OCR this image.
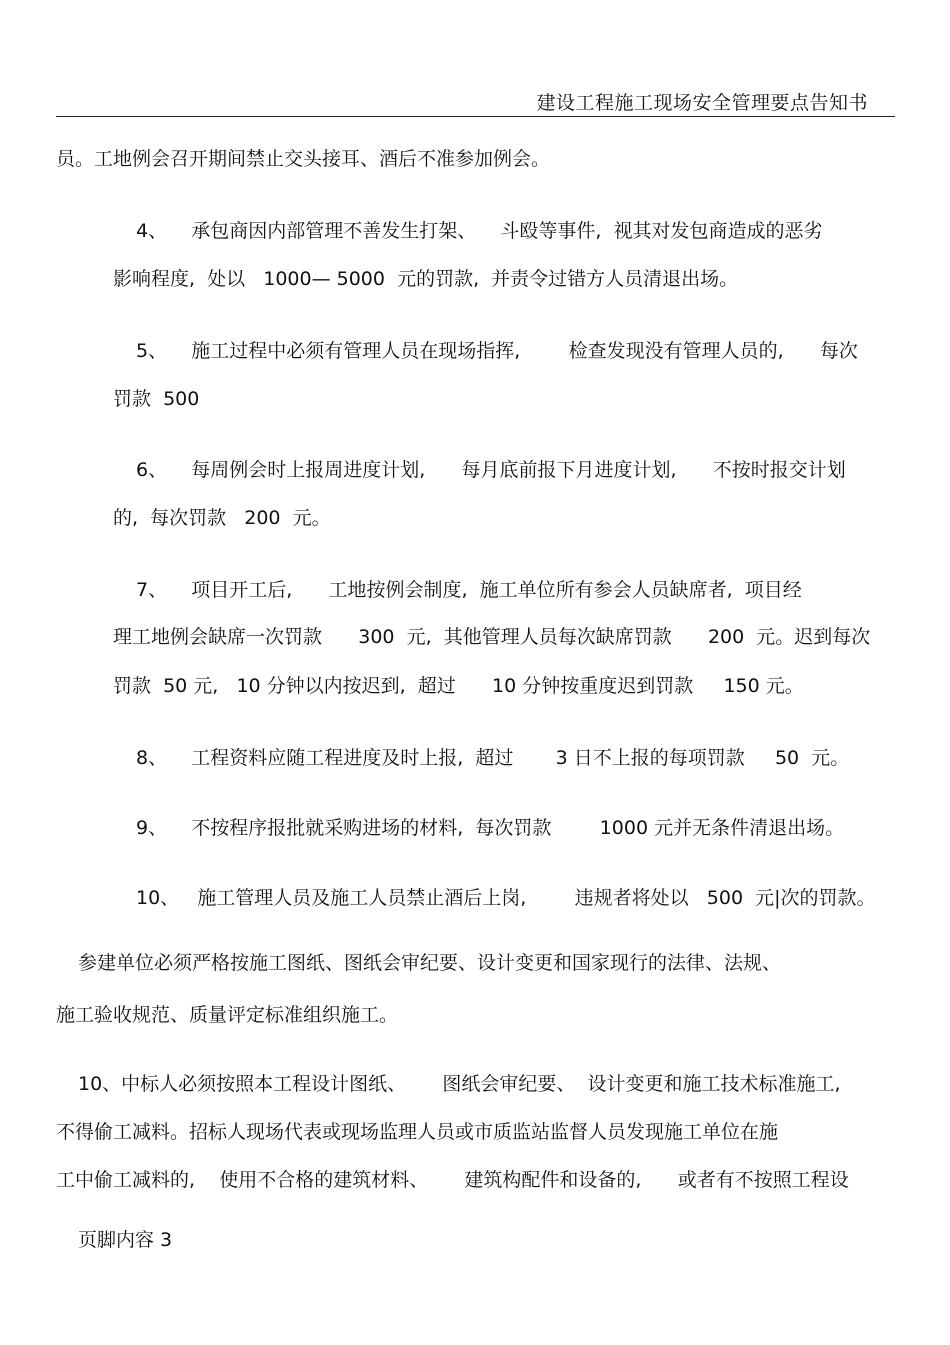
建设工程施工现场安全管理要点告知书
员。工地例会召开期间禁止交头接耳、酒后不准参加例会。
4、    承包商因内部管理不善发生打架、    斗殴等事件,  视其对发包商造成的恶劣
影响程度,  处以   1000— 5000  元的罚款,  并责令过错方人员清退出场。
5、    施工过程中必须有管理人员在现场指挥,        检查发现没有管理人员的,      每次
罚款  500
6、    每周例会时上报周进度计划,      每月底前报下月进度计划,      不按时报交计划
的,  每次罚款   200  元。
7、    项目开工后,      工地按例会制度,  施工单位所有参会人员缺席者,  项目经
理工地例会缺席一次罚款      300  元,  其他管理人员每次缺席罚款      200  元。迟到每次
罚款  50 元,   10 分钟以内按迟到,  超过      10 分钟按重度迟到罚款     150 元。
8、    工程资料应随工程进度及时上报,  超过       3 日不上报的每项罚款     50  元。
9、    不按程序报批就采购进场的材料,  每次罚款        1000 元并无条件清退出场。
10、   施工管理人员及施工人员禁止酒后上岗,        违规者将处以   500  元|次的罚款。
参建单位必须严格按施工图纸、图纸会审纪要、设计变更和国家现行的法律、法规、
施工验收规范、质量评定标准组织施工。
10、中标人必须按照本工程设计图纸、      图纸会审纪要、  设计变更和施工技术标准施工,
不得偷工减料。招标人现场代表或现场监理人员或市质监站监督人员发现施工单位在施
工中偷工减料的,    使用不合格的建筑材料、      建筑构配件和设备的,      或者有不按照工程设
页脚内容 3
